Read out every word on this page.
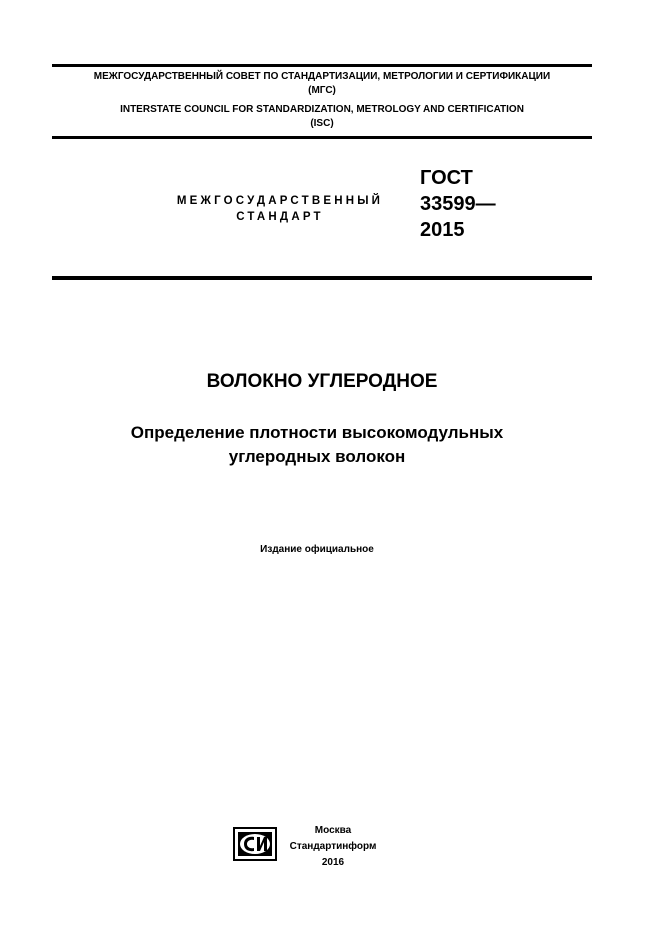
МЕЖГОСУДАРСТВЕННЫЙ СОВЕТ ПО СТАНДАРТИЗАЦИИ, МЕТРОЛОГИИ И СЕРТИФИКАЦИИ
(МГС)
INTERSTATE COUNCIL FOR STANDARDIZATION, METROLOGY AND CERTIFICATION
(ISC)
МЕЖГОСУДАРСТВЕННЫЙ
СТАНДАРТ
ГОСТ
33599—
2015
ВОЛОКНО УГЛЕРОДНОЕ
Определение плотности высокомодульных
углеродных волокон
Издание официальное
Москва
Стандартинформ
2016
